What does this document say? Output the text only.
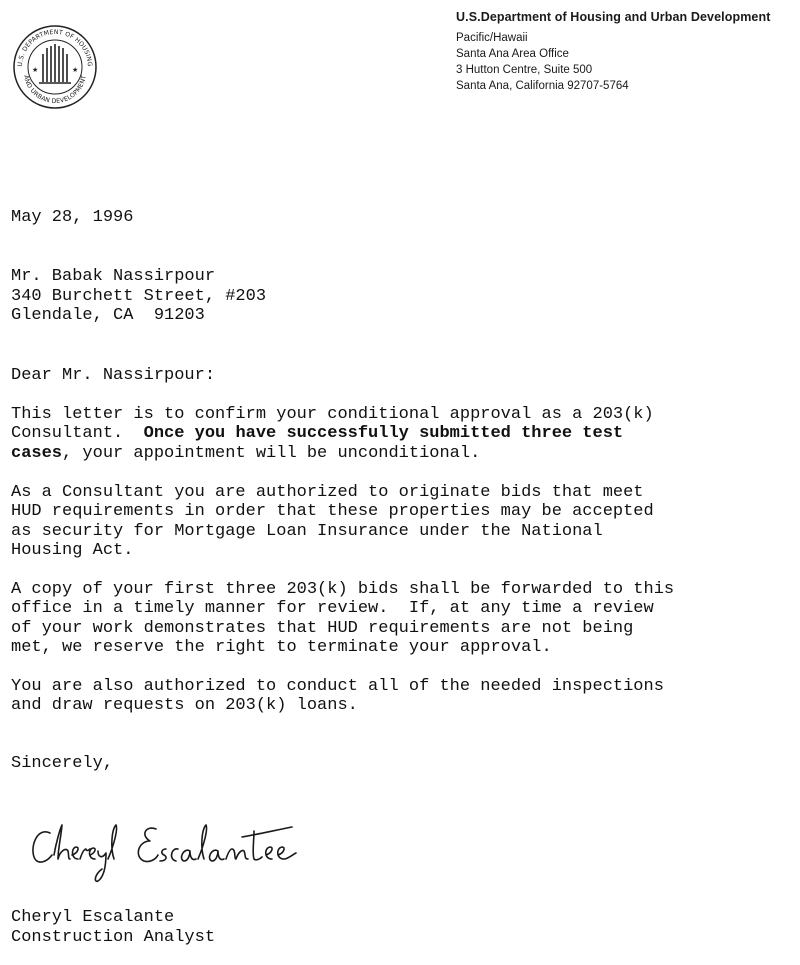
★	★
U.S. DEPARTMENT OF HOUSING
AND URBAN DEVELOPMENT
U.S.Department of Housing and Urban Development
Pacific/Hawaii
Santa Ana Area Office
3 Hutton Centre, Suite 500
Santa Ana, California 92707-5764
May 28, 1996
Mr. Babak Nassirpour
340 Burchett Street, #203
Glendale, CA  91203
Dear Mr. Nassirpour:
This letter is to confirm your conditional approval as a 203(k)
Consultant.  Once you have successfully submitted three test
cases, your appointment will be unconditional.
As a Consultant you are authorized to originate bids that meet
HUD requirements in order that these properties may be accepted
as security for Mortgage Loan Insurance under the National
Housing Act.
A copy of your first three 203(k) bids shall be forwarded to this
office in a timely manner for review.  If, at any time a review
of your work demonstrates that HUD requirements are not being
met, we reserve the right to terminate your approval.
You are also authorized to conduct all of the needed inspections
and draw requests on 203(k) loans.
Sincerely,
Cheryl Escalante
Construction Analyst
